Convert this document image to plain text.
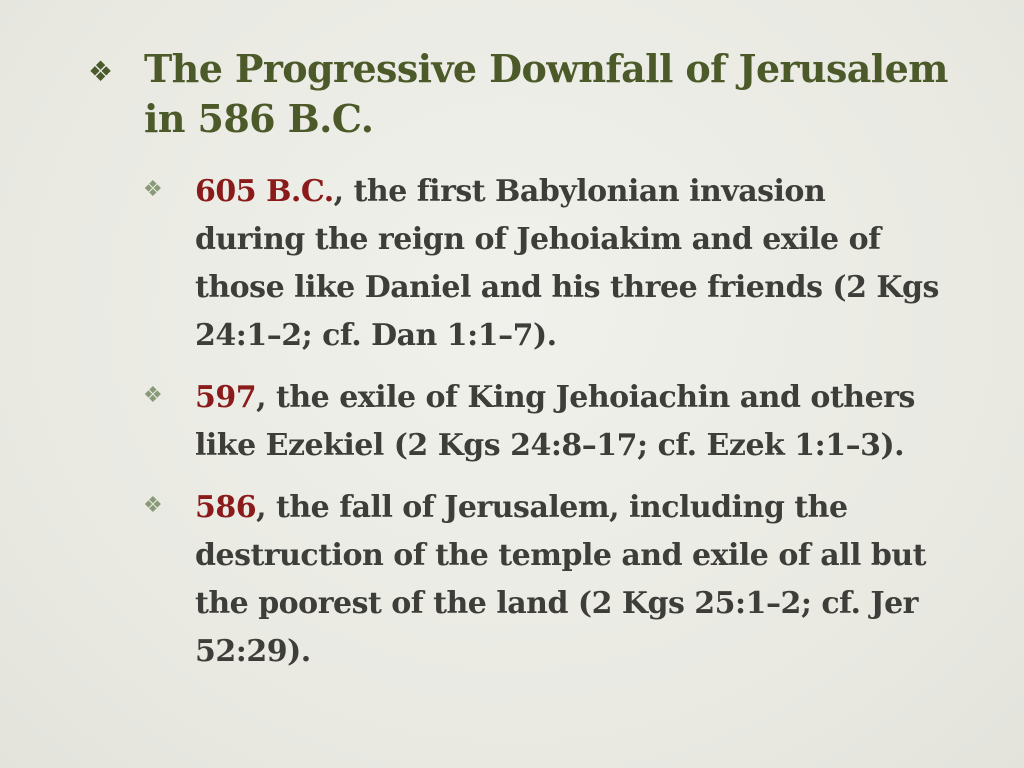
❖ The Progressive Downfall of Jerusalem in 586 B.C.
❖	605 B.C., the first Babylonian invasion during the reign of Jehoiakim and exile of those like Daniel and his three friends (2 Kgs 24:1–2; cf. Dan 1:1–7).
❖	597, the exile of King Jehoiachin and others like Ezekiel (2 Kgs 24:8–17; cf. Ezek 1:1–3).
❖	586, the fall of Jerusalem, including the destruction of the temple and exile of all but the poorest of the land (2 Kgs 25:1–2; cf. Jer 52:29).
